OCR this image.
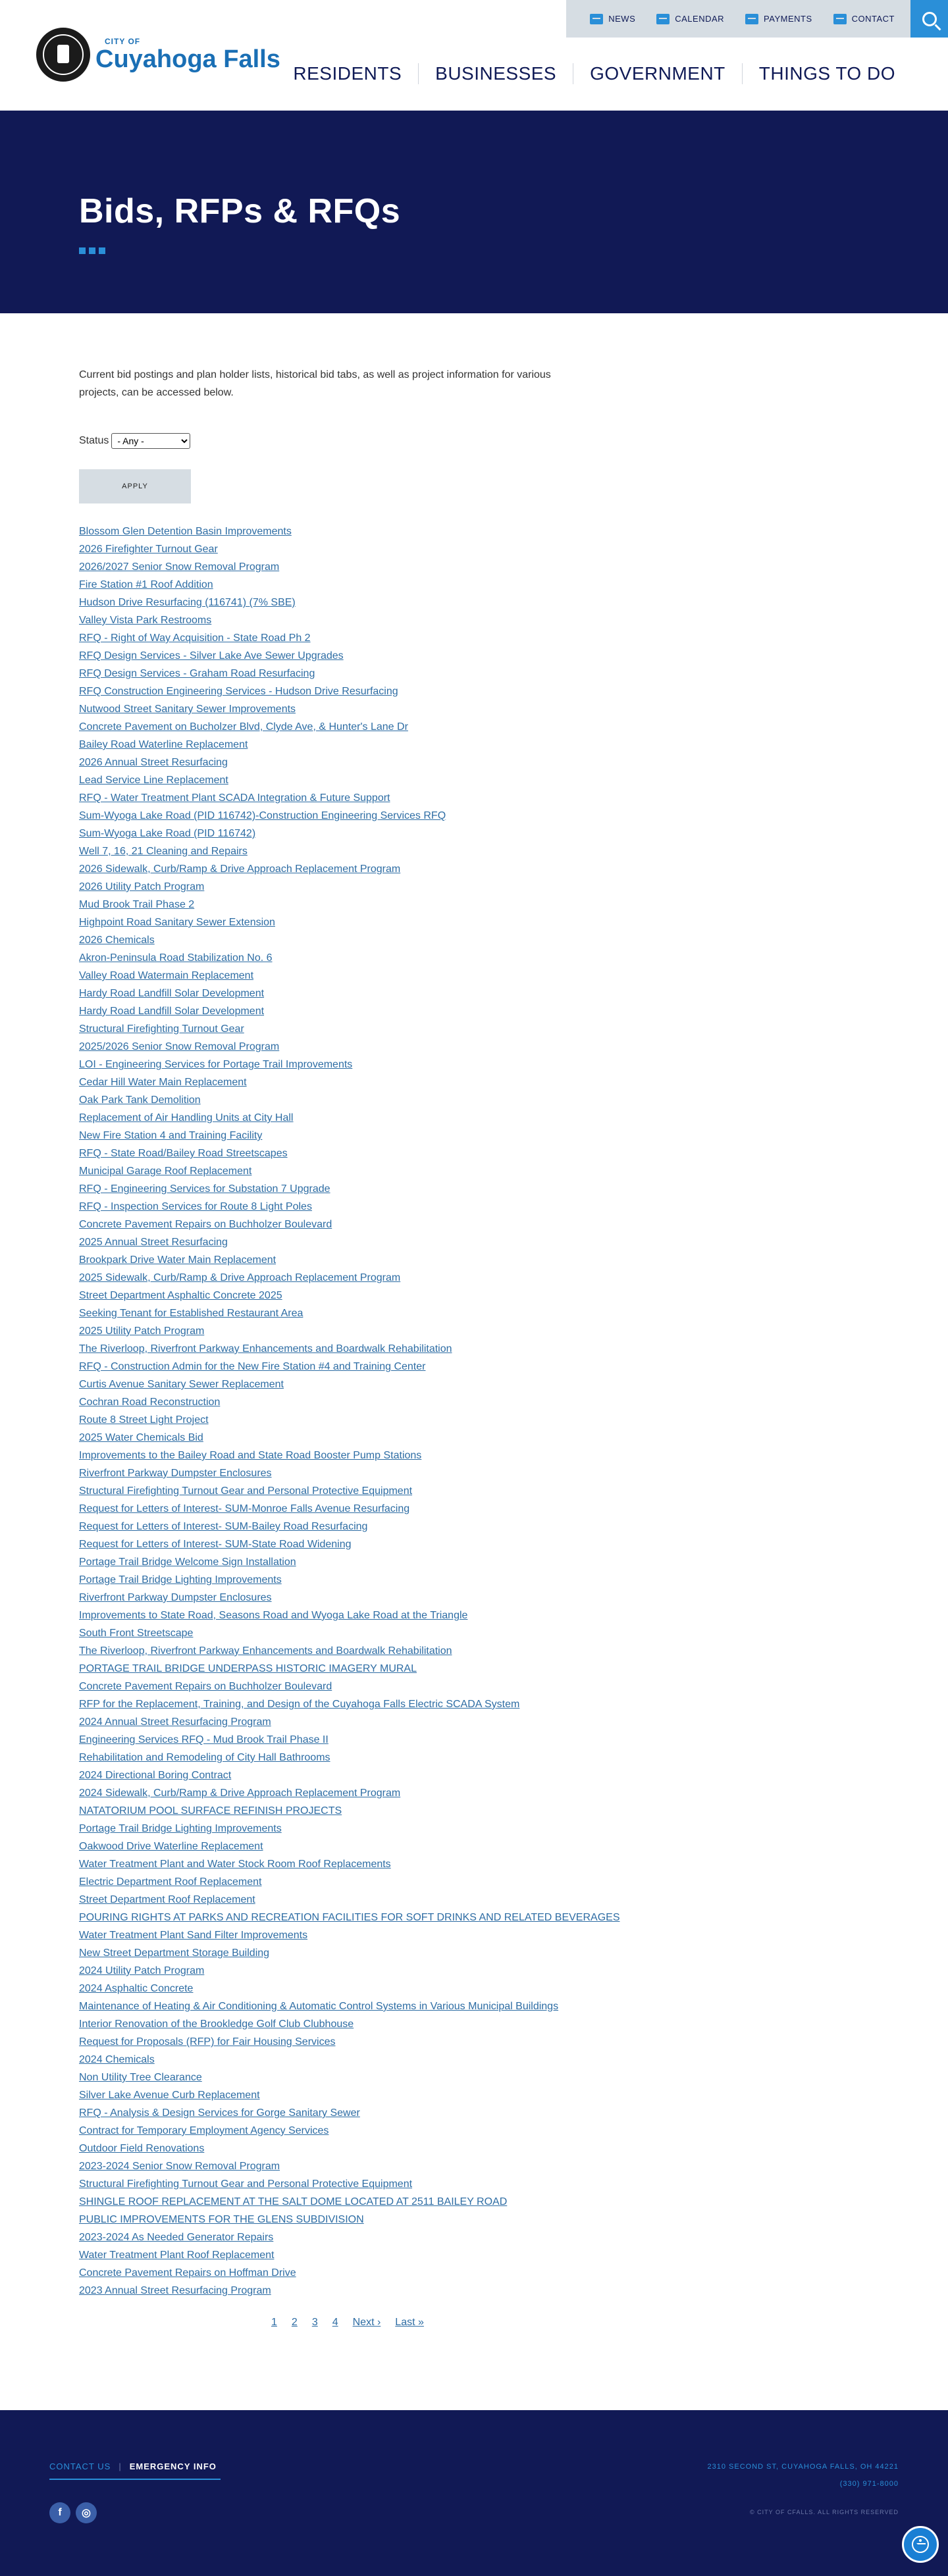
NEWS	CALENDAR	PAYMENTS	CONTACT
CITY OF
Cuyahoga Falls
RESIDENTS	BUSINESSES	GOVERNMENT	THINGS TO DO
Bids, RFPs & RFQs

Current bid postings and plan holder lists, historical bid tabs, as well as project information for various projects, can be accessed below.

Status
- Any -
APPLY
Blossom Glen Detention Basin Improvements
2026 Firefighter Turnout Gear
2026/2027 Senior Snow Removal Program
Fire Station #1 Roof Addition
Hudson Drive Resurfacing (116741) (7% SBE)
Valley Vista Park Restrooms
RFQ - Right of Way Acquisition - State Road Ph 2
RFQ Design Services - Silver Lake Ave Sewer Upgrades
RFQ Design Services - Graham Road Resurfacing
RFQ Construction Engineering Services - Hudson Drive Resurfacing
Nutwood Street Sanitary Sewer Improvements
Concrete Pavement on Bucholzer Blvd, Clyde Ave, & Hunter's Lane Dr
Bailey Road Waterline Replacement
2026 Annual Street Resurfacing
Lead Service Line Replacement
RFQ - Water Treatment Plant SCADA Integration & Future Support
Sum-Wyoga Lake Road (PID 116742)-Construction Engineering Services RFQ
Sum-Wyoga Lake Road (PID 116742)
Well 7, 16, 21 Cleaning and Repairs
2026 Sidewalk, Curb/Ramp & Drive Approach Replacement Program
2026 Utility Patch Program
Mud Brook Trail Phase 2
Highpoint Road Sanitary Sewer Extension
2026 Chemicals
Akron-Peninsula Road Stabilization No. 6
Valley Road Watermain Replacement
Hardy Road Landfill Solar Development
Hardy Road Landfill Solar Development
Structural Firefighting Turnout Gear
2025/2026 Senior Snow Removal Program
LOI - Engineering Services for Portage Trail Improvements
Cedar Hill Water Main Replacement
Oak Park Tank Demolition
Replacement of Air Handling Units at City Hall
New Fire Station 4 and Training Facility
RFQ - State Road/Bailey Road Streetscapes
Municipal Garage Roof Replacement
RFQ - Engineering Services for Substation 7 Upgrade
RFQ - Inspection Services for Route 8 Light Poles
Concrete Pavement Repairs on Buchholzer Boulevard
2025 Annual Street Resurfacing
Brookpark Drive Water Main Replacement
2025 Sidewalk, Curb/Ramp & Drive Approach Replacement Program
Street Department Asphaltic Concrete 2025
Seeking Tenant for Established Restaurant Area
2025 Utility Patch Program
The Riverloop, Riverfront Parkway Enhancements and Boardwalk Rehabilitation
RFQ - Construction Admin for the New Fire Station #4 and Training Center
Curtis Avenue Sanitary Sewer Replacement
Cochran Road Reconstruction
Route 8 Street Light Project
2025 Water Chemicals Bid
Improvements to the Bailey Road and State Road Booster Pump Stations
Riverfront Parkway Dumpster Enclosures
Structural Firefighting Turnout Gear and Personal Protective Equipment
Request for Letters of Interest- SUM-Monroe Falls Avenue Resurfacing
Request for Letters of Interest- SUM-Bailey Road Resurfacing
Request for Letters of Interest- SUM-State Road Widening
Portage Trail Bridge Welcome Sign Installation
Portage Trail Bridge Lighting Improvements
Riverfront Parkway Dumpster Enclosures
Improvements to State Road, Seasons Road and Wyoga Lake Road at the Triangle
South Front Streetscape
The Riverloop, Riverfront Parkway Enhancements and Boardwalk Rehabilitation
PORTAGE TRAIL BRIDGE UNDERPASS HISTORIC IMAGERY MURAL
Concrete Pavement Repairs on Buchholzer Boulevard
RFP for the Replacement, Training, and Design of the Cuyahoga Falls Electric SCADA System
2024 Annual Street Resurfacing Program
Engineering Services RFQ - Mud Brook Trail Phase II
Rehabilitation and Remodeling of City Hall Bathrooms
2024 Directional Boring Contract
2024 Sidewalk, Curb/Ramp & Drive Approach Replacement Program
NATATORIUM POOL SURFACE REFINISH PROJECTS
Portage Trail Bridge Lighting Improvements
Oakwood Drive Waterline Replacement
Water Treatment Plant and Water Stock Room Roof Replacements
Electric Department Roof Replacement
Street Department Roof Replacement
POURING RIGHTS AT PARKS AND RECREATION FACILITIES FOR SOFT DRINKS AND RELATED BEVERAGES
Water Treatment Plant Sand Filter Improvements
New Street Department Storage Building
2024 Utility Patch Program
2024 Asphaltic Concrete
Maintenance of Heating & Air Conditioning & Automatic Control Systems in Various Municipal Buildings
Interior Renovation of the Brookledge Golf Club Clubhouse
Request for Proposals (RFP) for Fair Housing Services
2024 Chemicals
Non Utility Tree Clearance
Silver Lake Avenue Curb Replacement
RFQ - Analysis & Design Services for Gorge Sanitary Sewer
Contract for Temporary Employment Agency Services
Outdoor Field Renovations
2023-2024 Senior Snow Removal Program
Structural Firefighting Turnout Gear and Personal Protective Equipment
SHINGLE ROOF REPLACEMENT AT THE SALT DOME LOCATED AT 2511 BAILEY ROAD
PUBLIC IMPROVEMENTS FOR THE GLENS SUBDIVISION
2023-2024 As Needed Generator Repairs
Water Treatment Plant Roof Replacement
Concrete Pavement Repairs on Hoffman Drive
2023 Annual Street Resurfacing Program
1 2 3 4 Next › Last »
CONTACT US | EMERGENCY INFO
f	◎
2310 SECOND ST, CUYAHOGA FALLS, OH 44221
(330) 971-8000
© CITY OF CFALLS. ALL RIGHTS RESERVED
